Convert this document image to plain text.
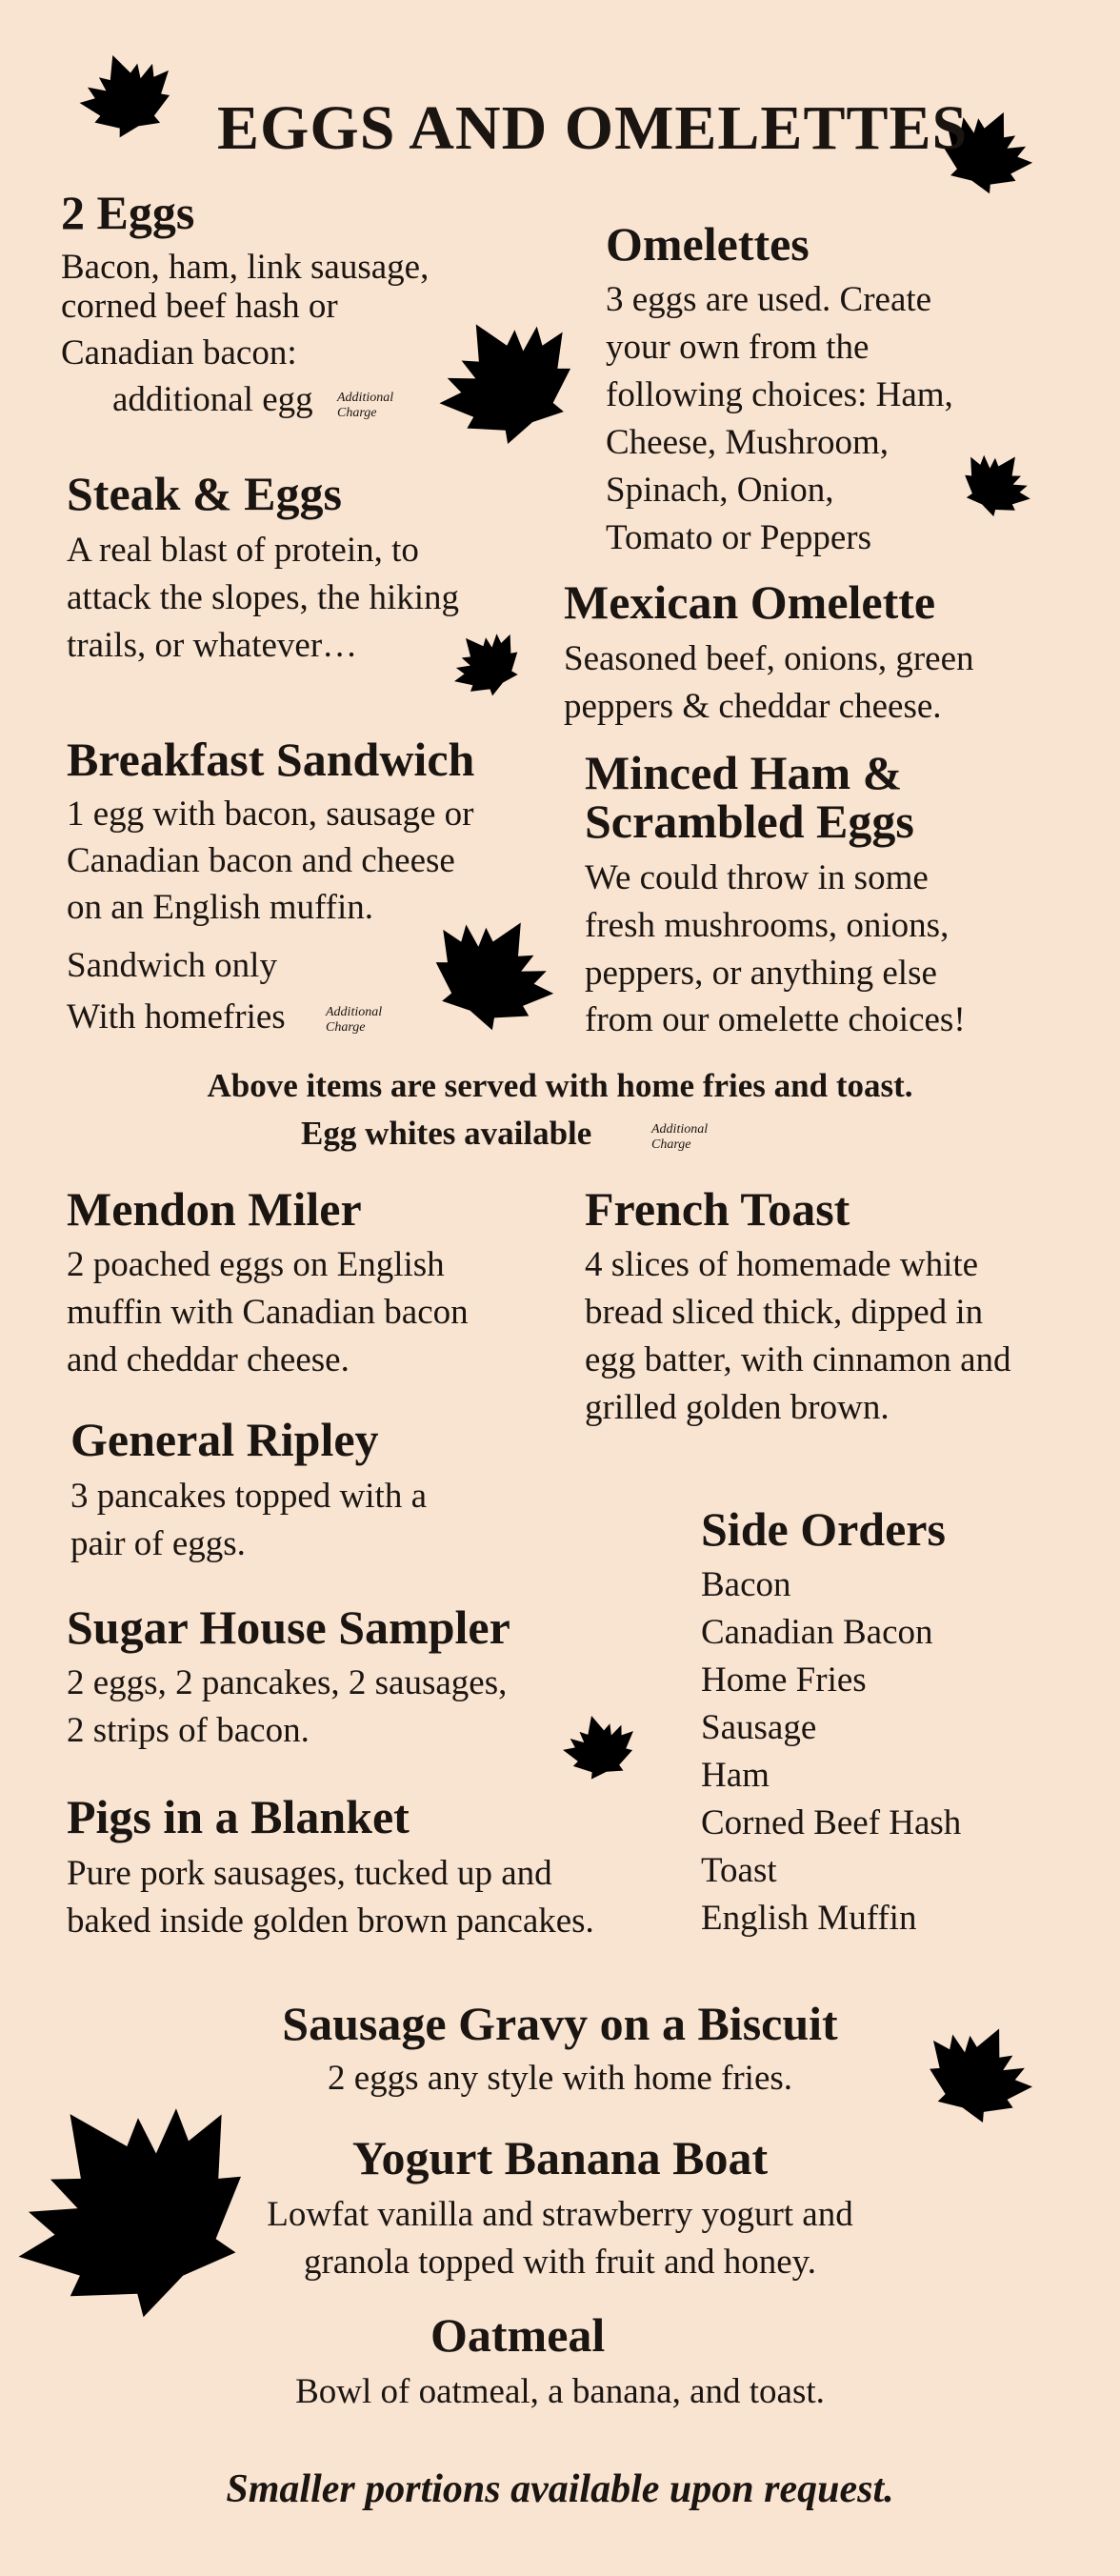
EGGS AND OMELETTES
2 Eggs
Bacon, ham, link sausage,
corned beef hash or
Canadian bacon:
additional egg Additional Charge
Steak & Eggs
A real blast of protein, to
attack the slopes, the hiking
trails, or whatever…
Breakfast Sandwich
1 egg with bacon, sausage or
Canadian bacon and cheese
on an English muffin.
Sandwich only
With homefries	Additional Charge
Omelettes
3 eggs are used. Create
your own from the
following choices: Ham,
Cheese, Mushroom,
Spinach, Onion,
Tomato or Peppers
Mexican Omelette
Seasoned beef, onions, green
peppers & cheddar cheese.
Minced Ham &
Scrambled Eggs
We could throw in some
fresh mushrooms, onions,
peppers, or anything else
from our omelette choices!
Above items are served with home fries and toast.
Egg whites available	Additional Charge
Mendon Miler
2 poached eggs on English
muffin with Canadian bacon
and cheddar cheese.
General Ripley
3 pancakes topped with a
pair of eggs.
Sugar House Sampler
2 eggs, 2 pancakes, 2 sausages,
2 strips of bacon.
Pigs in a Blanket
Pure pork sausages, tucked up and
baked inside golden brown pancakes.
French Toast
4 slices of homemade white
bread sliced thick, dipped in
egg batter, with cinnamon and
grilled golden brown.
Side Orders
Bacon
Canadian Bacon
Home Fries
Sausage
Ham
Corned Beef Hash
Toast
English Muffin
Sausage Gravy on a Biscuit
2 eggs any style with home fries.
Yogurt Banana Boat
Lowfat vanilla and strawberry yogurt and
granola topped with fruit and honey.
Oatmeal
Bowl of oatmeal, a banana, and toast.
Smaller portions available upon request.
